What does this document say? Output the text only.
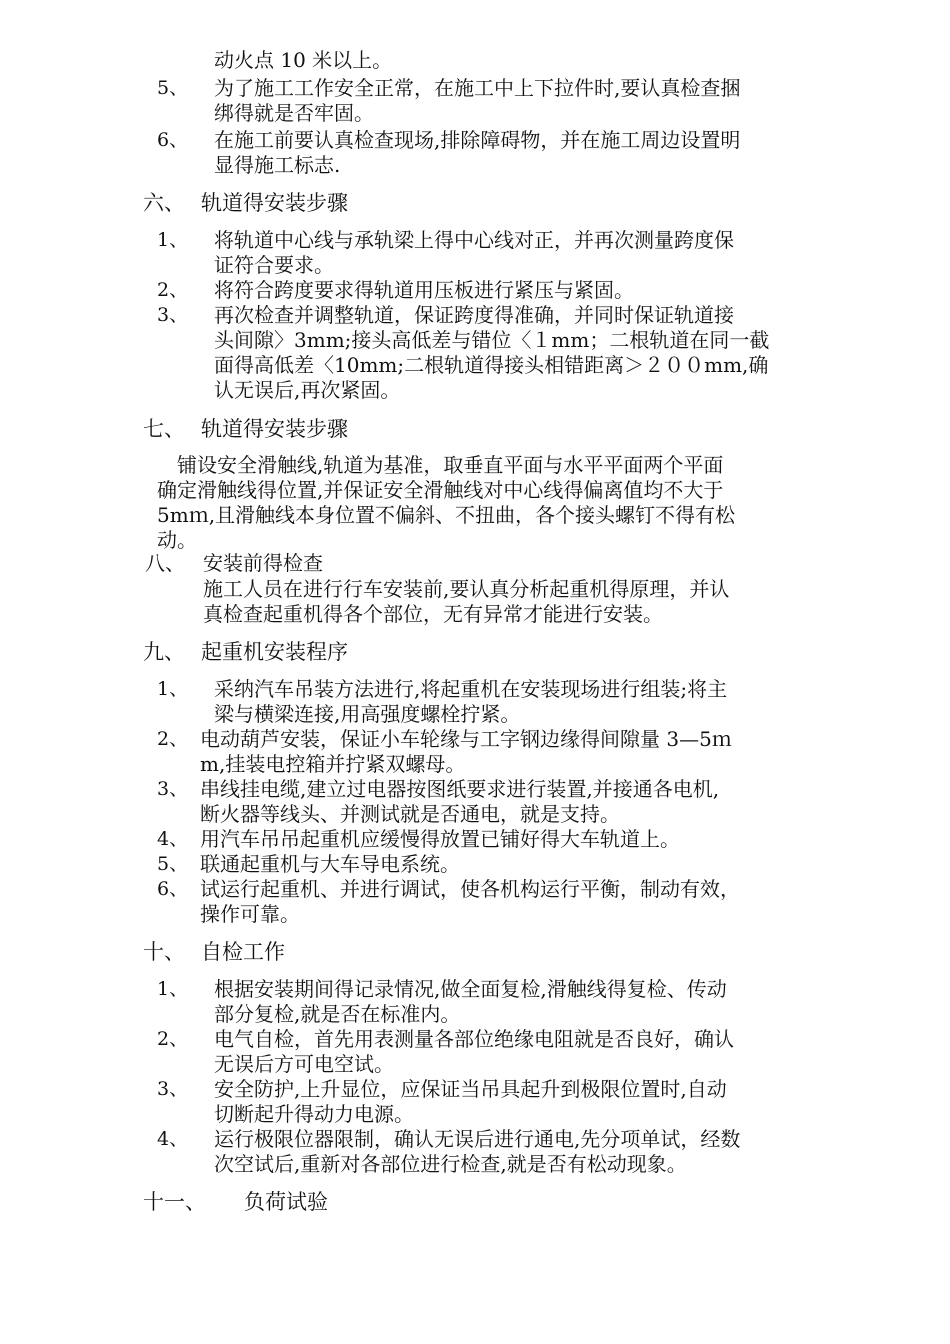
动火点 10 米以上。
5、 为了施工工作安全正常，在施工中上下拉件时,要认真检查捆
绑得就是否牢固。
6、 在施工前要认真检查现场,排除障碍物，并在施工周边设置明
显得施工标志.
六、 轨道得安装步骤
1、 将轨道中心线与承轨梁上得中心线对正，并再次测量跨度保
证符合要求。
2、 将符合跨度要求得轨道用压板进行紧压与紧固。
3、 再次检查并调整轨道，保证跨度得准确，并同时保证轨道接
头间隙〉3mm;接头高低差与错位〈１mm；二根轨道在同一截
面得高低差〈10mm;二根轨道得接头相错距离＞２００mm,确
认无误后,再次紧固。
七、 轨道得安装步骤
铺设安全滑触线,轨道为基准，取垂直平面与水平平面两个平面
确定滑触线得位置,并保证安全滑触线对中心线得偏离值均不大于
5mｍ,且滑触线本身位置不偏斜、不扭曲，各个接头螺钉不得有松
动。
八、 安装前得检查
施工人员在进行行车安装前,要认真分析起重机得原理，并认
真检查起重机得各个部位，无有异常才能进行安装。
九、 起重机安装程序
1、 采纳汽车吊装方法进行,将起重机在安装现场进行组装;将主
梁与横梁连接,用高强度螺栓拧紧。
2、 电动葫芦安装，保证小车轮缘与工字钢边缘得间隙量 3—5ｍ
m,挂装电控箱并拧紧双螺母。
3、 串线挂电缆,建立过电器按图纸要求进行装置,并接通各电机,
断火器等线头、并测试就是否通电，就是支持。
4、 用汽车吊吊起重机应缓慢得放置已铺好得大车轨道上。
5、 联通起重机与大车导电系统。
6、 试运行起重机、并进行调试，使各机构运行平衡，制动有效，
操作可靠。
十、 自检工作
1、 根据安装期间得记录情况,做全面复检,滑触线得复检、传动
部分复检,就是否在标准内。
2、 电气自检，首先用表测量各部位绝缘电阻就是否良好，确认
无误后方可电空试。
3、 安全防护,上升显位，应保证当吊具起升到极限位置时,自动
切断起升得动力电源。
4、 运行极限位器限制，确认无误后进行通电,先分项单试，经数
次空试后,重新对各部位进行检查,就是否有松动现象。
十一、 负荷试验
